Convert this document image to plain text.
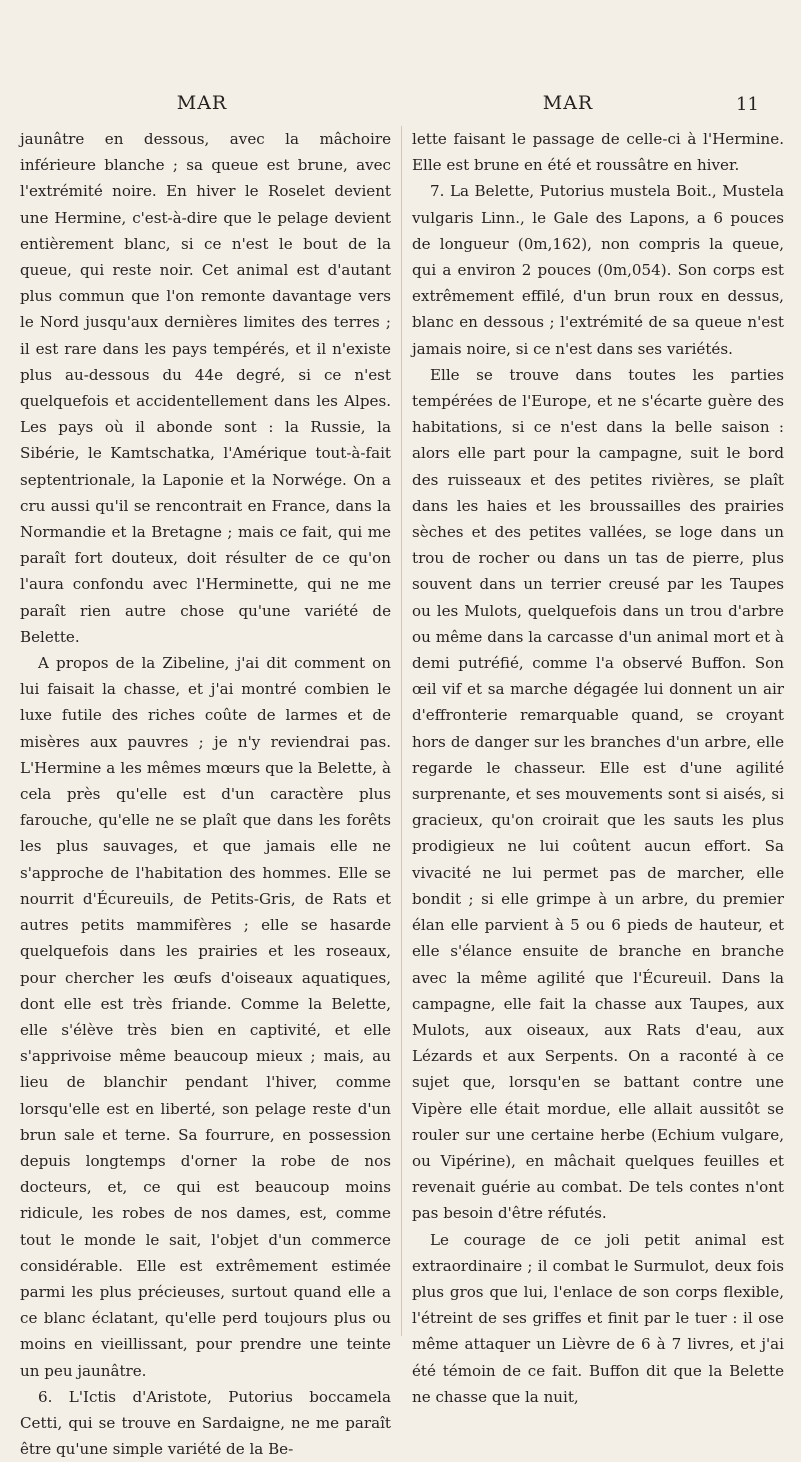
MAR	MAR	11

jaunâtre en dessous, avec la mâchoire inférieure blanche ; sa queue est brune, avec l'extrémité noire. En hiver le Roselet devient une Hermine, c'est-à-dire que le pelage devient entièrement blanc, si ce n'est le bout de la queue, qui reste noir. Cet animal est d'autant plus commun que l'on remonte davantage vers le Nord jusqu'aux dernières limites des terres ; il est rare dans les pays tempérés, et il n'existe plus au-dessous du 44e degré, si ce n'est quelquefois et accidentellement dans les Alpes. Les pays où il abonde sont : la Russie, la Sibérie, le Kamtschatka, l'Amérique tout-à-fait septentrionale, la Laponie et la Norwége. On a cru aussi qu'il se rencontrait en France, dans la Normandie et la Bretagne ; mais ce fait, qui me paraît fort douteux, doit résulter de ce qu'on l'aura confondu avec l'Herminette, qui ne me paraît rien autre chose qu'une variété de Belette.

A propos de la Zibeline, j'ai dit comment on lui faisait la chasse, et j'ai montré combien le luxe futile des riches coûte de larmes et de misères aux pauvres ; je n'y reviendrai pas. L'Hermine a les mêmes mœurs que la Belette, à cela près qu'elle est d'un caractère plus farouche, qu'elle ne se plaît que dans les forêts les plus sauvages, et que jamais elle ne s'approche de l'habitation des hommes. Elle se nourrit d'Écureuils, de Petits-Gris, de Rats et autres petits mammifères ; elle se hasarde quelquefois dans les prairies et les roseaux, pour chercher les œufs d'oiseaux aquatiques, dont elle est très friande. Comme la Belette, elle s'élève très bien en captivité, et elle s'apprivoise même beaucoup mieux ; mais, au lieu de blanchir pendant l'hiver, comme lorsqu'elle est en liberté, son pelage reste d'un brun sale et terne. Sa fourrure, en possession depuis longtemps d'orner la robe de nos docteurs, et, ce qui est beaucoup moins ridicule, les robes de nos dames, est, comme tout le monde le sait, l'objet d'un commerce considérable. Elle est extrêmement estimée parmi les plus précieuses, surtout quand elle a ce blanc éclatant, qu'elle perd toujours plus ou moins en vieillissant, pour prendre une teinte un peu jaunâtre.

6. L'Ictis d'Aristote, Putorius boccamela Cetti, qui se trouve en Sardaigne, ne me paraît être qu'une simple variété de la Be-

lette faisant le passage de celle-ci à l'Hermine. Elle est brune en été et roussâtre en hiver.

7. La Belette, Putorius mustela Boit., Mustela vulgaris Linn., le Gale des Lapons, a 6 pouces de longueur (0m,162), non compris la queue, qui a environ 2 pouces (0m,054). Son corps est extrêmement effilé, d'un brun roux en dessus, blanc en dessous ; l'extrémité de sa queue n'est jamais noire, si ce n'est dans ses variétés.

Elle se trouve dans toutes les parties tempérées de l'Europe, et ne s'écarte guère des habitations, si ce n'est dans la belle saison : alors elle part pour la campagne, suit le bord des ruisseaux et des petites rivières, se plaît dans les haies et les broussailles des prairies sèches et des petites vallées, se loge dans un trou de rocher ou dans un tas de pierre, plus souvent dans un terrier creusé par les Taupes ou les Mulots, quelquefois dans un trou d'arbre ou même dans la carcasse d'un animal mort et à demi putréfié, comme l'a observé Buffon. Son œil vif et sa marche dégagée lui donnent un air d'effronterie remarquable quand, se croyant hors de danger sur les branches d'un arbre, elle regarde le chasseur. Elle est d'une agilité surprenante, et ses mouvements sont si aisés, si gracieux, qu'on croirait que les sauts les plus prodigieux ne lui coûtent aucun effort. Sa vivacité ne lui permet pas de marcher, elle bondit ; si elle grimpe à un arbre, du premier élan elle parvient à 5 ou 6 pieds de hauteur, et elle s'élance ensuite de branche en branche avec la même agilité que l'Écureuil. Dans la campagne, elle fait la chasse aux Taupes, aux Mulots, aux oiseaux, aux Rats d'eau, aux Lézards et aux Serpents. On a raconté à ce sujet que, lorsqu'en se battant contre une Vipère elle était mordue, elle allait aussitôt se rouler sur une certaine herbe (Echium vulgare, ou Vipérine), en mâchait quelques feuilles et revenait guérie au combat. De tels contes n'ont pas besoin d'être réfutés.

Le courage de ce joli petit animal est extraordinaire ; il combat le Surmulot, deux fois plus gros que lui, l'enlace de son corps flexible, l'étreint de ses griffes et finit par le tuer : il ose même attaquer un Lièvre de 6 à 7 livres, et j'ai été témoin de ce fait. Buffon dit que la Belette ne chasse que la nuit,
